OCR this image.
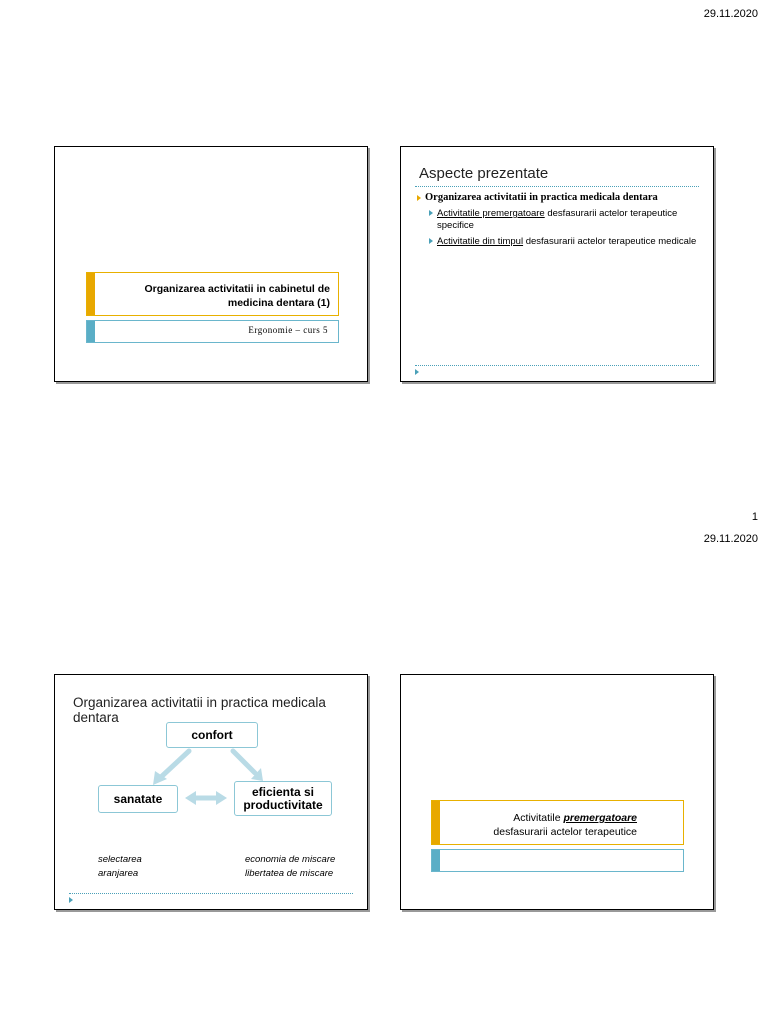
29.11.2020
Organizarea activitatii in cabinetul de
medicina dentara (1)
Ergonomie – curs 5
Aspecte prezentate
Organizarea activitatii in practica medicala dentara
Activitatile premergatoare desfasurarii actelor terapeutice
specifice
Activitatile din timpul desfasurarii actelor terapeutice medicale
1
29.11.2020
Organizarea activitatii in practica medicala dentara
confort
sanatate	eficienta si
productivitate
selectarea
aranjarea
economia de miscare
libertatea de miscare
Activitatile premergatoare
desfasurarii actelor terapeutice
